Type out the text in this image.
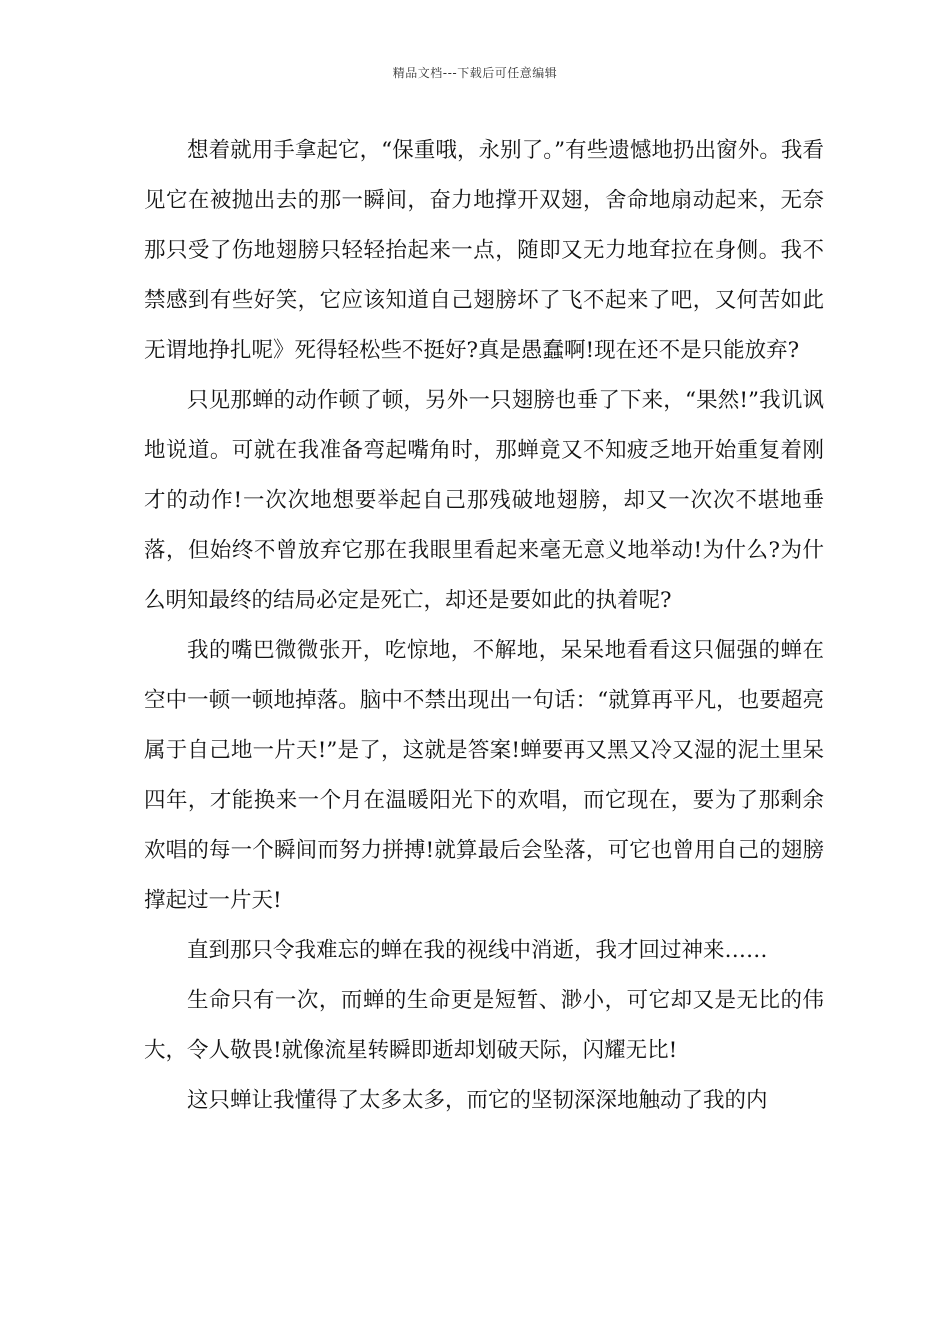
精品文档---下载后可任意编辑

想着就用手拿起它，“保重哦，永别了。”有些遗憾地扔出窗外。我看见它在被抛出去的那一瞬间，奋力地撑开双翅，舍命地扇动起来，无奈那只受了伤地翅膀只轻轻抬起来一点，随即又无力地耷拉在身侧。我不禁感到有些好笑，它应该知道自己翅膀坏了飞不起来了吧，又何苦如此无谓地挣扎呢》死得轻松些不挺好?真是愚蠢啊!现在还不是只能放弃?

只见那蝉的动作顿了顿，另外一只翅膀也垂了下来，“果然!”我讥讽地说道。可就在我准备弯起嘴角时，那蝉竟又不知疲乏地开始重复着刚才的动作!一次次地想要举起自己那残破地翅膀，却又一次次不堪地垂落，但始终不曾放弃它那在我眼里看起来毫无意义地举动!为什么?为什么明知最终的结局必定是死亡，却还是要如此的执着呢?

我的嘴巴微微张开，吃惊地，不解地，呆呆地看看这只倔强的蝉在空中一顿一顿地掉落。脑中不禁出现出一句话：“就算再平凡，也要超亮属于自己地一片天!”是了，这就是答案!蝉要再又黑又冷又湿的泥土里呆四年，才能换来一个月在温暖阳光下的欢唱，而它现在，要为了那剩余欢唱的每一个瞬间而努力拼搏!就算最后会坠落，可它也曾用自己的翅膀撑起过一片天!

直到那只令我难忘的蝉在我的视线中消逝，我才回过神来……

生命只有一次，而蝉的生命更是短暂、渺小，可它却又是无比的伟大，令人敬畏!就像流星转瞬即逝却划破天际，闪耀无比!

这只蝉让我懂得了太多太多，而它的坚韧深深地触动了我的内
